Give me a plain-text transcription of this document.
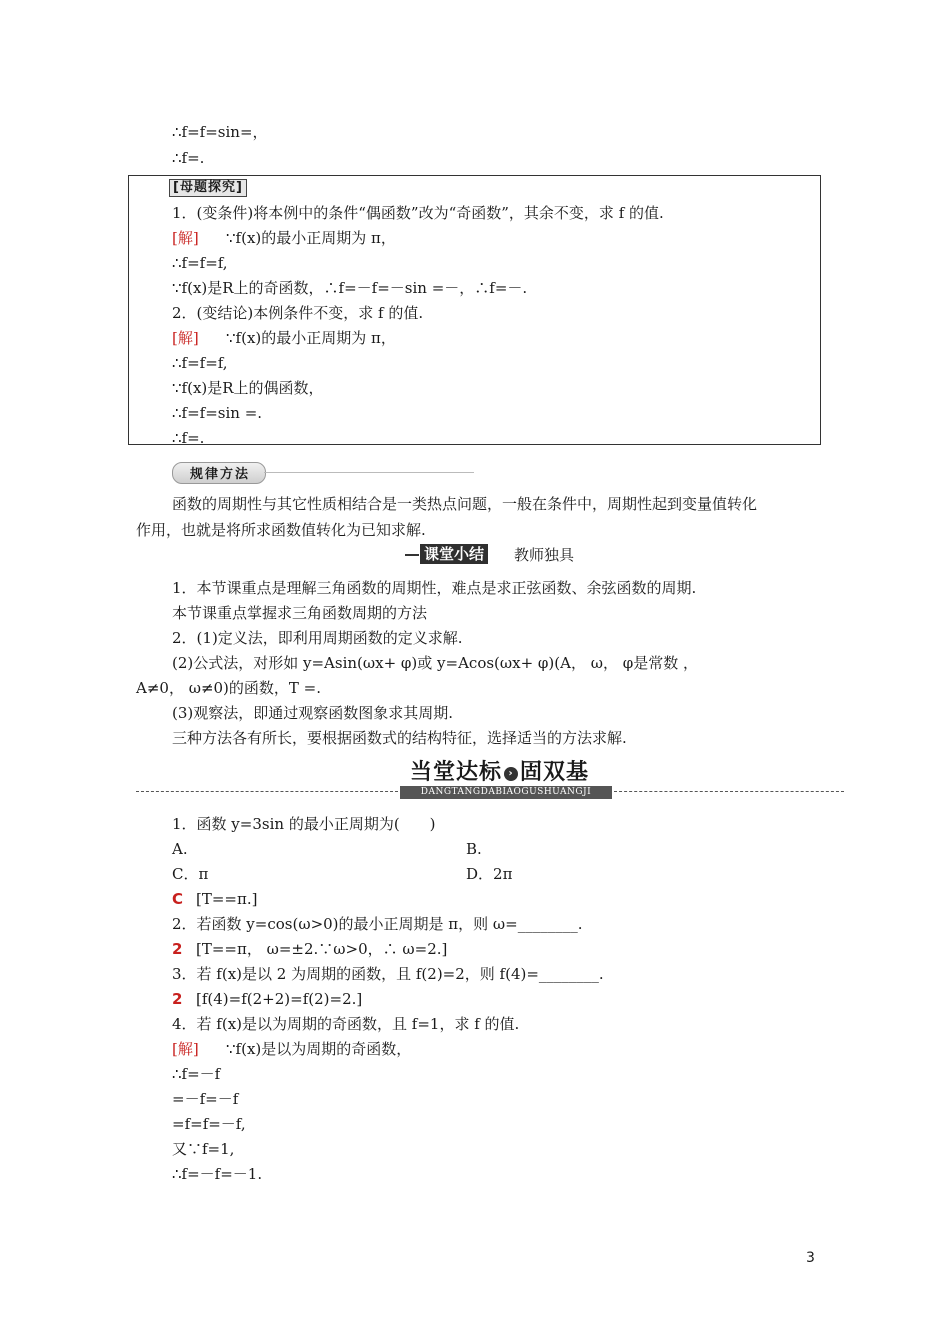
∴f=f=sin=，
∴f=.
[母题探究]
1．(变条件)将本例中的条件“偶函数”改为“奇函数”，其余不变，求 f 的值.
[解] ∵f(x)的最小正周期为 π，
∴f=f=f,
∵f(x)是R上的奇函数，∴f=－f=－sin =－，∴f=－.
2．(变结论)本例条件不变，求 f 的值.
[解] ∵f(x)的最小正周期为 π，
∴f=f=f,
∵f(x)是R上的偶函数，
∴f=f=sin =.
∴f=.
规律方法
函数的周期性与其它性质相结合是一类热点问题，一般在条件中，周期性起到变量值转化
作用，也就是将所求函数值转化为已知求解.
课堂小结 教师独具
1．本节课重点是理解三角函数的周期性，难点是求正弦函数、余弦函数的周期.
本节课重点掌握求三角函数周期的方法
2．(1)定义法，即利用周期函数的定义求解.
(2)公式法，对形如 y=Asin(ωx+ φ)或 y=Acos(ωx+ φ)(A， ω， φ是常数 ，
A≠0， ω≠0)的函数，T =.
(3)观察法，即通过观察函数图象求其周期.
三种方法各有所长，要根据函数式的结构特征，选择适当的方法求解.
当堂达标 › 固双基
DANGTANGDABIAOGUSHUANGJI
1．函数 y=3sin 的最小正周期为(　　)
A.	B.
C．π	D．2π
C [T==π.]
2．若函数 y=cos(ω>0)的最小正周期是 π，则 ω=________.
2 [T==π， ω=±2.∵ω>0，∴ ω=2.]
3．若 f(x)是以 2 为周期的函数，且 f(2)=2，则 f(4)=________.
2 [f(4)=f(2+2)=f(2)=2.]
4．若 f(x)是以为周期的奇函数，且 f=1，求 f 的值.
[解] ∵f(x)是以为周期的奇函数，
∴f=－f
=－f=－f
=f=f=－f,
又∵f=1,
∴f=－f=－1.
3
